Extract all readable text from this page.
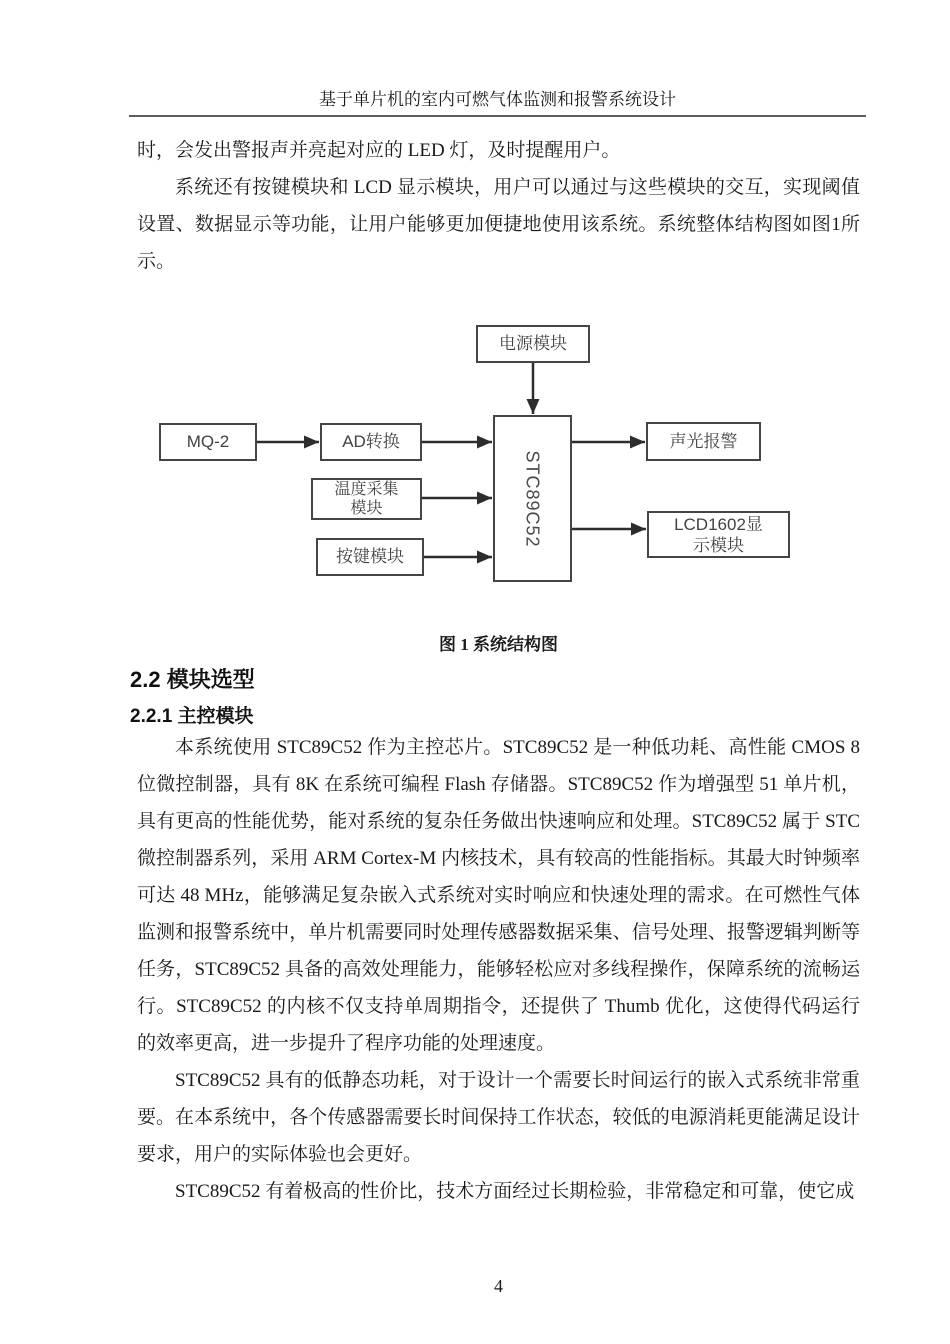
基于单片机的室内可燃气体监测和报警系统设计

时，会发出警报声并亮起对应的 LED 灯，及时提醒用户。

系统还有按键模块和 LCD 显示模块，用户可以通过与这些模块的交互，实现阈值设置、数据显示等功能，让用户能够更加便捷地使用该系统。系统整体结构图如图1所示。

电源模块
MQ-2	AD转换
温度采集
模块
按键模块
STC89C52
声光报警
LCD1602显
示模块
图 1 系统结构图
2.2 模块选型
2.2.1 主控模块

本系统使用 STC89C52 作为主控芯片。STC89C52 是一种低功耗、高性能 CMOS 8 位微控制器，具有 8K 在系统可编程 Flash 存储器。STC89C52 作为增强型 51 单片机，具有更高的性能优势，能对系统的复杂任务做出快速响应和处理。STC89C52 属于 STC 微控制器系列，采用 ARM Cortex-M 内核技术，具有较高的性能指标。其最大时钟频率可达 48 MHz，能够满足复杂嵌入式系统对实时响应和快速处理的需求。在可燃性气体监测和报警系统中，单片机需要同时处理传感器数据采集、信号处理、报警逻辑判断等任务，STC89C52 具备的高效处理能力，能够轻松应对多线程操作，保障系统的流畅运行。STC89C52 的内核不仅支持单周期指令，还提供了 Thumb 优化，这使得代码运行的效率更高，进一步提升了程序功能的处理速度。

STC89C52 具有的低静态功耗，对于设计一个需要长时间运行的嵌入式系统非常重要。在本系统中，各个传感器需要长时间保持工作状态，较低的电源消耗更能满足设计要求，用户的实际体验也会更好。

STC89C52 有着极高的性价比，技术方面经过长期检验，非常稳定和可靠，使它成

4
